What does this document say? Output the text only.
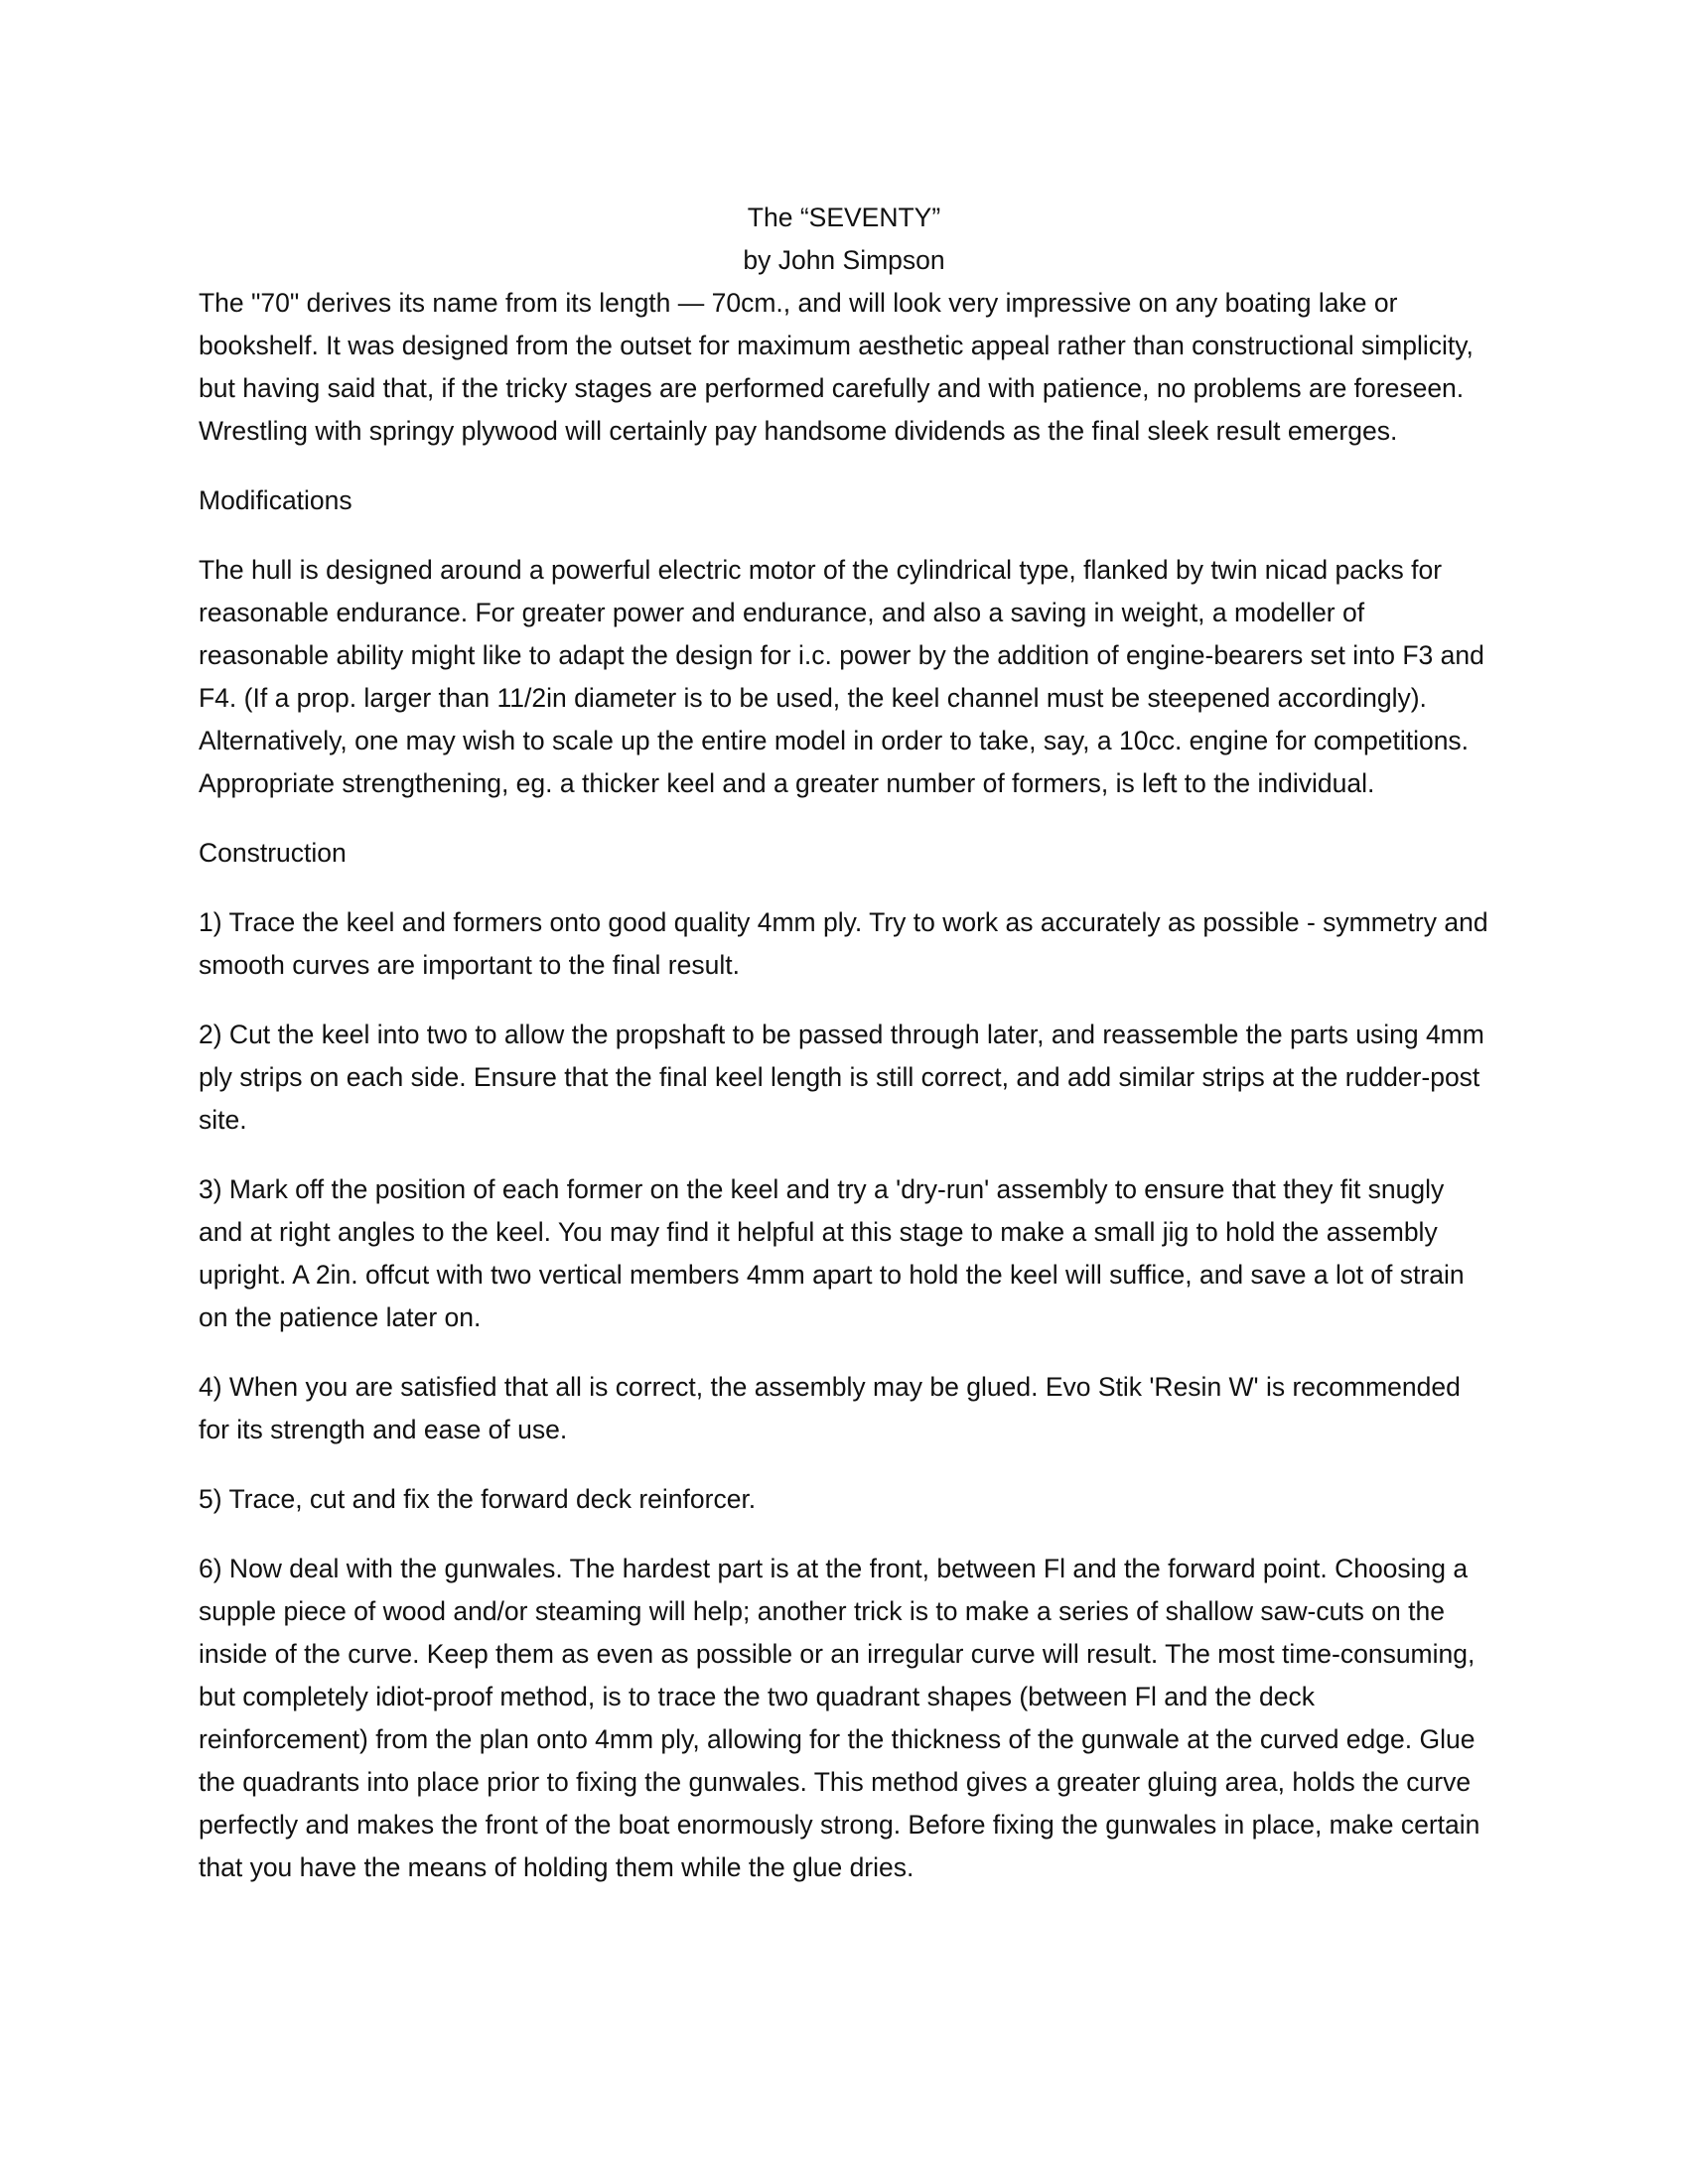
The “SEVENTY”

by John Simpson

The "70" derives its name from its length — 70cm., and will look very impressive on any boating lake or bookshelf. It was designed from the outset for maximum aesthetic appeal rather than constructional simplicity, but having said that, if the tricky stages are performed carefully and with patience, no problems are foreseen. Wrestling with springy plywood will certainly pay handsome dividends as the final sleek result emerges.

Modifications

The hull is designed around a powerful electric motor of the cylindrical type, flanked by twin nicad packs for reasonable endurance. For greater power and endurance, and also a saving in weight, a modeller of reasonable ability might like to adapt the design for i.c. power by the addition of engine-bearers set into F3 and F4. (If a prop. larger than 11/2in diameter is to be used, the keel channel must be steepened accordingly). Alternatively, one may wish to scale up the entire model in order to take, say, a 10cc. engine for competitions. Appropriate strengthening, eg. a thicker keel and a greater number of formers, is left to the individual.

Construction

1) Trace the keel and formers onto good quality 4mm ply. Try to work as accurately as possible - symmetry and smooth curves are important to the final result.

2) Cut the keel into two to allow the propshaft to be passed through later, and reassemble the parts using 4mm ply strips on each side. Ensure that the final keel length is still correct, and add similar strips at the rudder-post site.

3) Mark off the position of each former on the keel and try a 'dry-run' assembly to ensure that they fit snugly and at right angles to the keel. You may find it helpful at this stage to make a small jig to hold the assembly upright. A 2in. offcut with two vertical members 4mm apart to hold the keel will suffice, and save a lot of strain on the patience later on.

4) When you are satisfied that all is correct, the assembly may be glued. Evo Stik 'Resin W' is recommended for its strength and ease of use.

5) Trace, cut and fix the forward deck reinforcer.

6) Now deal with the gunwales. The hardest part is at the front, between Fl and the forward point. Choosing a supple piece of wood and/or steaming will help; another trick is to make a series of shallow saw-cuts on the inside of the curve. Keep them as even as possible or an irregular curve will result. The most time-consuming, but completely idiot-proof method, is to trace the two quadrant shapes (between Fl and the deck reinforcement) from the plan onto 4mm ply, allowing for the thickness of the gunwale at the curved edge. Glue the quadrants into place prior to fixing the gunwales. This method gives a greater gluing area, holds the curve perfectly and makes the front of the boat enormously strong. Before fixing the gunwales in place, make certain that you have the means of holding them while the glue dries.
